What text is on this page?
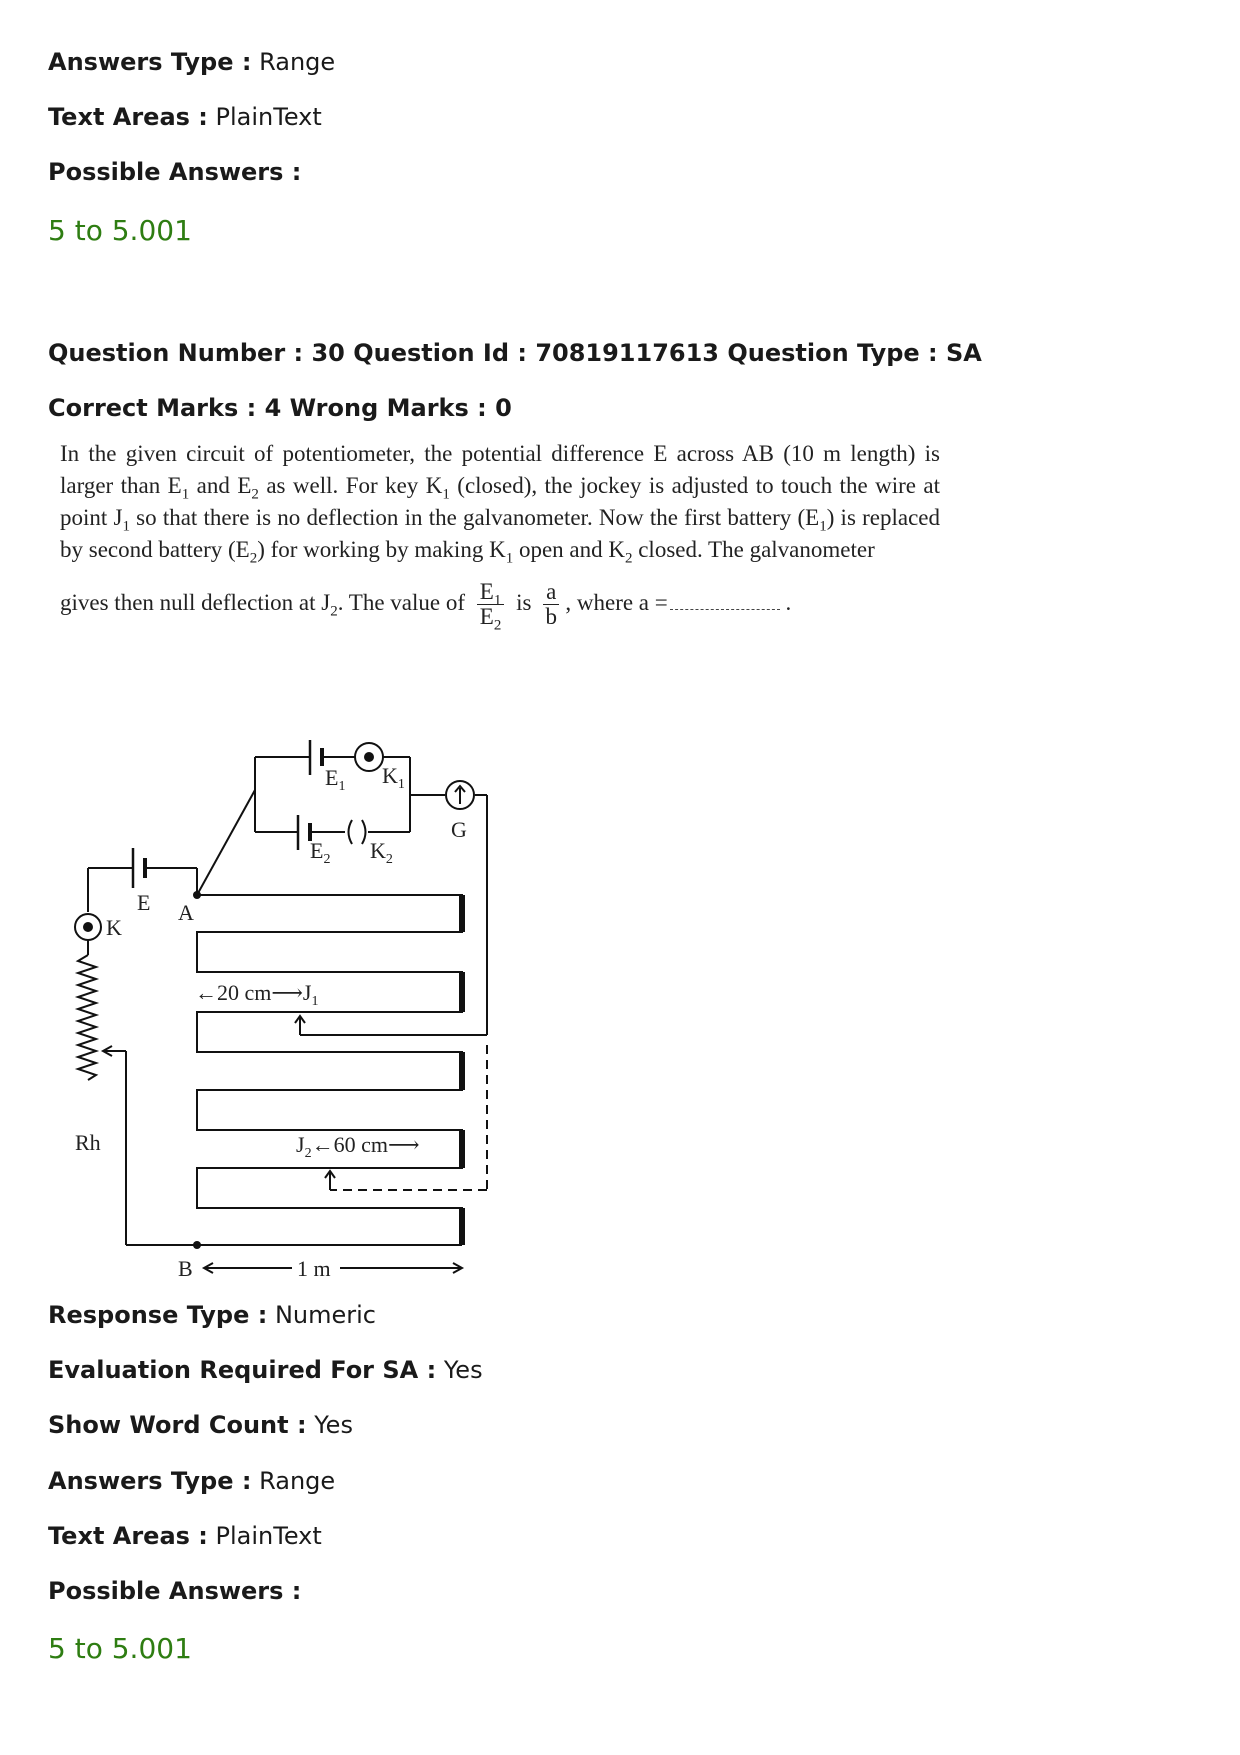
Answers Type : Range
Text Areas : PlainText
Possible Answers :
5 to 5.001
Question Number : 30 Question Id : 70819117613 Question Type : SA
Correct Marks : 4 Wrong Marks : 0
In the given circuit of potentiometer, the potential difference E across AB (10 m length) is larger than $E_1$ and $E_2$ as well. For key $K_1$ (closed), the jockey is adjusted to touch the wire at point $J_1$ so that there is no deflection in the galvanometer. Now the first battery $(E_1)$ is replaced by second battery $(E_2)$ for working by making $K_1$ open and $K_2$ closed. The galvanometer
gives then null deflection at $J_2$. The value of $\frac{E_1}{E_2}$ is $\frac{a}{b}$ , where a =	.
$E_1$ $K_1$
$E_2$ $K_2$
G
E A
K
Rh
B
←20 $cm⟶J_1$
$J_2\leftarrow 60$ cm⟶
1 m
Response Type : Numeric
Evaluation Required For SA : Yes
Show Word Count : Yes
Answers Type : Range
Text Areas : PlainText
Possible Answers :
5 to 5.001
